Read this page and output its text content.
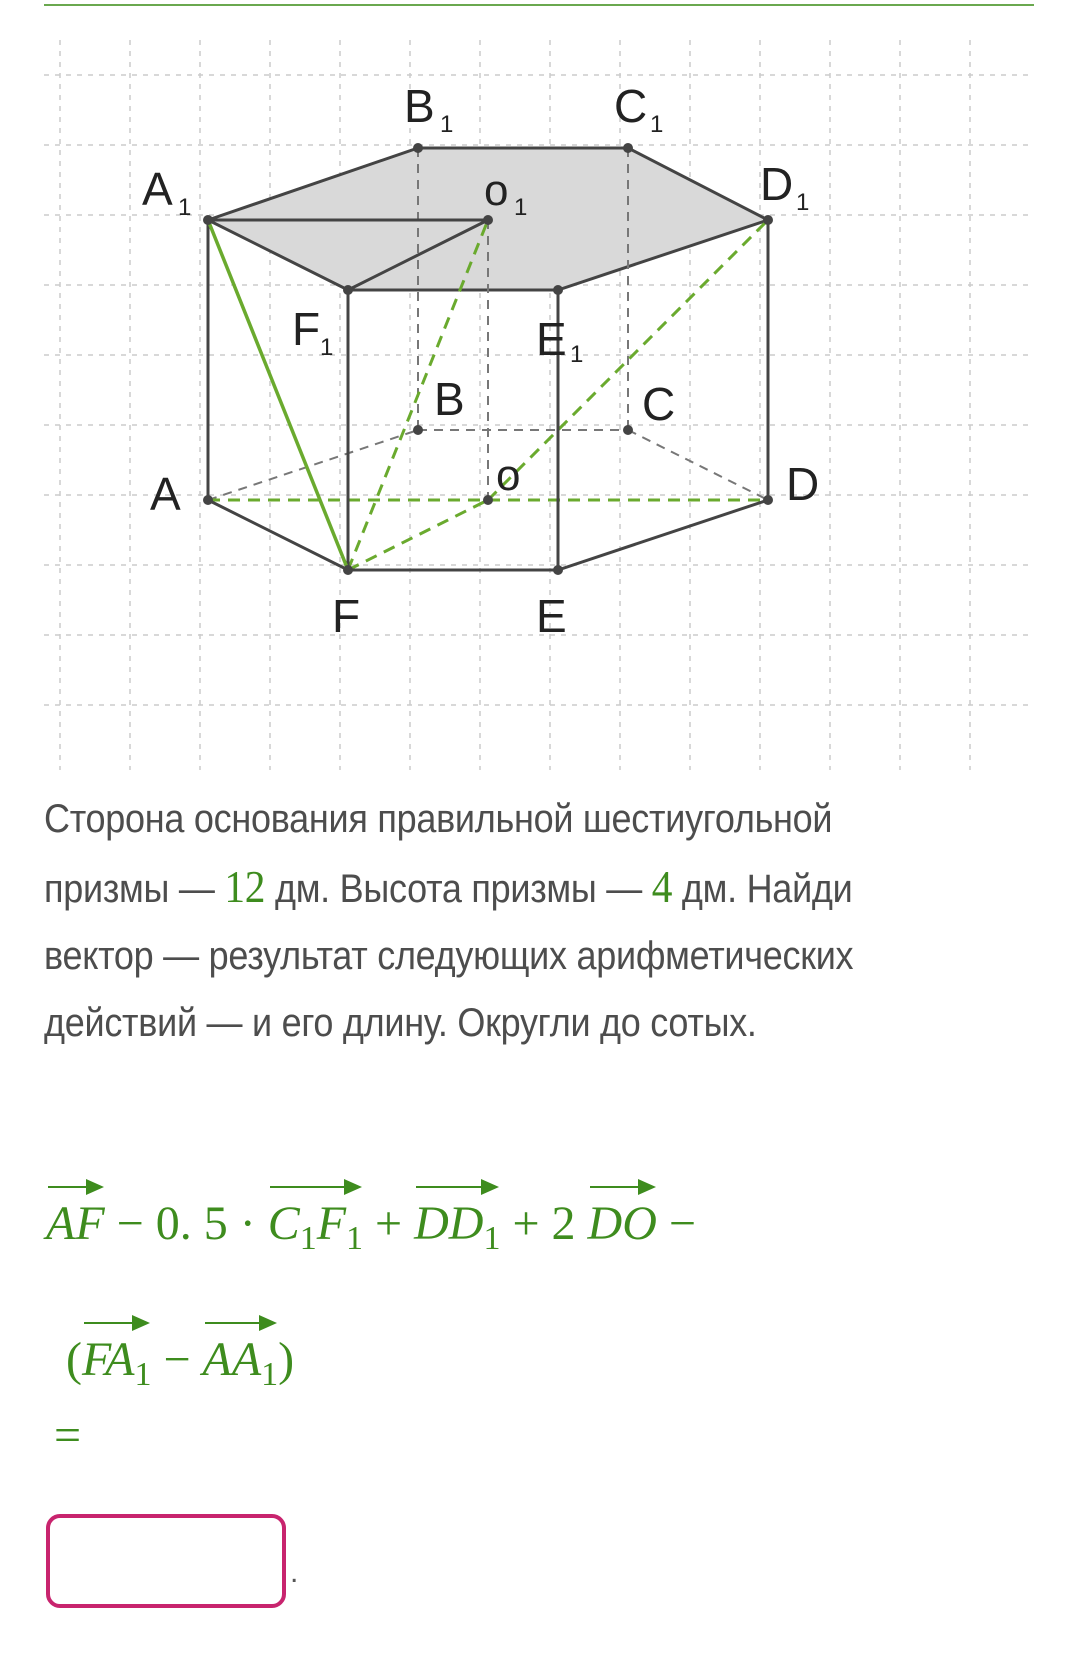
A 1
B 1	C 1
D 1
o 1
F 1	E 1
B	C
A	o	D
F	E
Сторона основания правильной шестиугольной призмы — 12 дм. Высота призмы — 4 дм. Найди вектор — результат следующих арифметических действий — и его длину. Округли до сотых.
AF − 0. $5 \cdot C_1F_1 + DD_1 + 2$ DO −
$(FA_1 - AA_1)$
=
.
